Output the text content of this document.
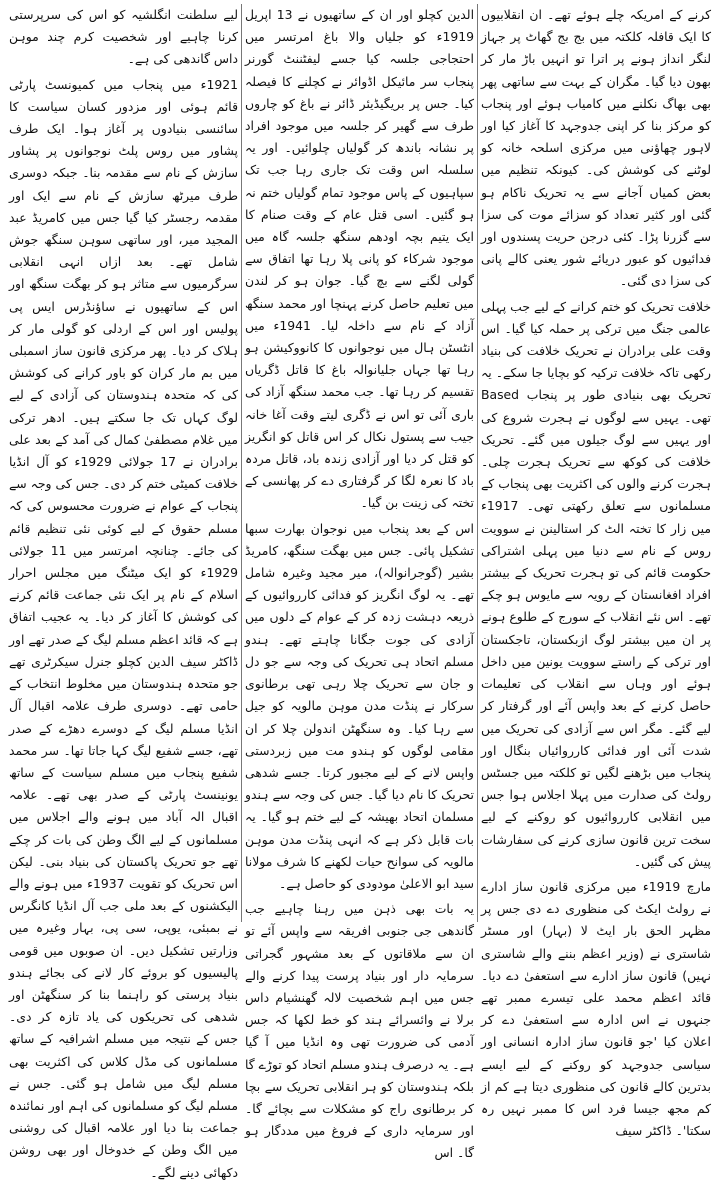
کرنے کے امریکہ چلے ہوئے تھے۔ ان انقلابیوں کا ایک قافلہ کلکتہ میں بج بج گھاٹ پر جہاز لنگر انداز ہونے پر اترا تو انہیں باڑ مار کر بھون دیا گیا۔ مگران کے بہت سے ساتھی پھر بھی بھاگ نکلنے میں کامیاب ہوئے اور پنجاب کو مرکز بنا کر اپنی جدوجہد کا آغاز کیا اور لاہور چھاؤنی میں مرکزی اسلحہ خانہ کو لوٹنے کی کوشش کی۔ کیونکہ تنظیم میں بعض کمیاں آجانے سے یہ تحریک ناکام ہو گئی اور کثیر تعداد کو سزائے موت کی سزا سے گزرنا پڑا۔ کئی درجن حریت پسندوں اور فدائیوں کو عبور دریائے شور یعنی کالے پانی کی سزا دی گئی۔

خلافت تحریک کو ختم کرانے کے لیے جب پہلی عالمی جنگ میں ترکی پر حملہ کیا گیا۔ اس وقت علی برادران نے تحریک خلافت کی بنیاد رکھی تاکہ خلافت ترکیہ کو بچایا جا سکے۔ یہ تحریک بھی بنیادی طور پر پنجاب Based تھی۔ یہیں سے لوگوں نے ہجرت شروع کی اور یہیں سے لوگ جیلوں میں گئے۔ تحریک خلافت کی کوکھ سے تحریک ہجرت چلی۔ ہجرت کرنے والوں کی اکثریت بھی پنجاب کے مسلمانوں سے تعلق رکھتی تھی۔ 1917ء میں زار کا تختہ الٹ کر استالینن نے سوویت روس کے نام سے دنیا میں پہلی اشتراکی حکومت قائم کی تو ہجرت تحریک کے بیشتر افراد افغانستان کے رویہ سے مایوس ہو چکے تھے۔ اس نئے انقلاب کے سورج کے طلوع ہونے پر ان میں بیشتر لوگ ازبکستان، تاجکستان اور ترکی کے راستے سوویت یونین میں داخل ہوئے اور وہاں سے انقلاب کی تعلیمات حاصل کرنے کے بعد واپس آئے اور گرفتار کر لیے گئے۔ مگر اس سے آزادی کی تحریک میں شدت آئی اور فدائی کارروائیاں بنگال اور پنجاب میں بڑھنے لگیں تو کلکتہ میں جسٹس رولٹ کی صدارت میں پہلا اجلاس ہوا جس میں انقلابی کارروائیوں کو روکنے کے لیے سخت ترین قانون سازی کرنے کی سفارشات پیش کی گئیں۔

مارچ 1919ء میں مرکزی قانون ساز ادارے نے رولٹ ایکٹ کی منظوری دے دی جس پر مظہر الحق بار ایٹ لا (بہار) اور مسٹر شاستری نے (وزیر اعظم بننے والے شاستری نہیں) قانون ساز ادارے سے استعفیٰ دے دیا۔ قائد اعظم محمد علی تیسرے ممبر تھے جنہوں نے اس ادارہ سے استعفیٰ دے کر اعلان کیا 'جو قانون ساز ادارہ انسانی اور سیاسی جدوجہد کو روکنے کے لیے ایسے بدترین کالے قانون کی منظوری دیتا ہے کم از کم مجھ جیسا فرد اس کا ممبر نہیں رہ سکتا'۔ ڈاکٹر سیف

الدین کچلو اور ان کے ساتھیوں نے 13 اپریل 1919ء کو جلیاں والا باغ امرتسر میں احتجاجی جلسہ کیا جسے لیفٹننٹ گورنر پنجاب سر مائیکل اڈوائر نے کچلنے کا فیصلہ کیا۔ جس پر بریگیڈیئر ڈائر نے باغ کو چاروں طرف سے گھیر کر جلسہ میں موجود افراد پر نشانہ باندھ کر گولیاں چلوائیں۔ اور یہ سلسلہ اس وقت تک جاری رہا جب تک سپاہیوں کے پاس موجود تمام گولیاں ختم نہ ہو گئیں۔ اسی قتل عام کے وقت صنام کا ایک یتیم بچہ اودھم سنگھ جلسہ گاہ میں موجود شرکاء کو پانی پلا رہا تھا اتفاق سے گولی لگنے سے بچ گیا۔ جوان ہو کر لندن میں تعلیم حاصل کرنے پہنچا اور محمد سنگھ آزاد کے نام سے داخلہ لیا۔ 1941ء میں انٹسٹن ہال میں نوجوانوں کا کانووکیشن ہو رہا تھا جہاں جلیانوالہ باغ کا قاتل ڈگریاں تقسیم کر رہا تھا۔ جب محمد سنگھ آزاد کی باری آئی تو اس نے ڈگری لیتے وقت آغا خانہ جیب سے پستول نکال کر اس قاتل کو انگریز کو قتل کر دیا اور آزادی زندہ باد، قاتل مردہ باد کا نعرہ لگا کر گرفتاری دے کر پھانسی کے تختہ کی زینت بن گیا۔

اس کے بعد پنجاب میں نوجوان بھارت سبھا تشکیل پائی۔ جس میں بھگت سنگھ، کامریڈ بشیر (گوجرانوالہ)، میر مجید وغیرہ شامل تھے۔ یہ لوگ انگریز کو فدائی کارروائیوں کے ذریعہ دہشت زدہ کر کے عوام کے دلوں میں آزادی کی جوت جگانا چاہتے تھے۔ ہندو مسلم اتحاد ہی تحریک کی وجہ سے جو دل و جان سے تحریک چلا رہی تھی برطانوی سرکار نے پنڈت مدن موہن مالویہ کو جیل سے رہا کیا۔ وہ سنگھٹن اندولن چلا کر ان مقامی لوگوں کو ہندو مت میں زبردستی واپس لانے کے لیے مجبور کرتا۔ جسے شدھی تحریک کا نام دیا گیا۔ جس کی وجہ سے ہندو مسلمان اتحاد بھیشہ کے لیے ختم ہو گیا۔ یہ بات قابل ذکر ہے کہ انہی پنڈت مدن موہن مالویہ کی سوانح حیات لکھنے کا شرف مولانا سید ابو الاعلیٰ مودودی کو حاصل ہے۔

یہ بات بھی ذہن میں رہنا چاہیے جب گاندھی جی جنوبی افریقہ سے واپس آئے تو ان سے ملاقاتوں کے بعد مشہور گجراتی سرمایہ دار اور بنیاد پرست پیدا کرنے والے جس میں اہم شخصیت لالہ گھنشیام داس برلا نے وائسرائے ہند کو خط لکھا کہ جس آدمی کی ضرورت تھی وہ انڈیا میں آ گیا ہے۔ یہ درصرف ہندو مسلم اتحاد کو توڑے گا بلکہ ہندوستان کو ہر انقلابی تحریک سے بچا کر برطانوی راج کو مشکلات سے بچائے گا۔ اور سرمایہ داری کے فروغ میں مددگار ہو گا۔ اس

لیے سلطنت انگلشیہ کو اس کی سرپرستی کرنا چاہیے اور شخصیت کرم چند موہن داس گاندھی کی ہے۔

1921ء میں پنجاب میں کمیونسٹ پارٹی قائم ہوئی اور مزدور کسان سیاست کا سائنسی بنیادوں پر آغاز ہوا۔ ایک طرف پشاور میں روس پلٹ نوجوانوں پر پشاور سازش کے نام سے مقدمہ بنا۔ جبکہ دوسری طرف میرٹھ سازش کے نام سے ایک اور مقدمہ رجسٹر کیا گیا جس میں کامریڈ عبد المجید میر، اور ساتھی سوہن سنگھ جوش شامل تھے۔ بعد ازاں انہی انقلابی سرگرمیوں سے متاثر ہو کر بھگت سنگھ اور اس کے ساتھیوں نے ساؤنڈرس ایس پی پولیس اور اس کے اردلی کو گولی مار کر ہلاک کر دیا۔ پھر مرکزی قانون ساز اسمبلی میں بم مار کران کو باور کرانے کی کوشش کی کہ متحدہ ہندوستان کی آزادی کے لیے لوگ کہاں تک جا سکتے ہیں۔ ادھر ترکی میں غلام مصطفیٰ کمال کی آمد کے بعد علی برادران نے 17 جولائی 1929ء کو آل انڈیا خلافت کمیٹی ختم کر دی۔ جس کی وجہ سے پنجاب کے عوام نے ضرورت محسوس کی کہ مسلم حقوق کے لیے کوئی نئی تنظیم قائم کی جائے۔ چنانچہ امرتسر میں 11 جولائی 1929ء کو ایک میٹنگ میں مجلس احرار اسلام کے نام پر ایک نئی جماعت قائم کرنے کی کوشش کا آغاز کر دیا۔ یہ عجیب اتفاق ہے کہ قائد اعظم مسلم لیگ کے صدر تھے اور ڈاکٹر سیف الدین کچلو جنرل سیکرٹری تھے جو متحدہ ہندوستان میں مخلوط انتخاب کے حامی تھے۔ دوسری طرف علامہ اقبال آل انڈیا مسلم لیگ کے دوسرے دھڑے کے صدر تھے، جسے شفیع لیگ کہا جاتا تھا۔ سر محمد شفیع پنجاب میں مسلم سیاست کے ساتھ یونینسٹ پارٹی کے صدر بھی تھے۔ علامہ اقبال الہ آباد میں ہونے والے اجلاس میں مسلمانوں کے لیے الگ وطن کی بات کر چکے تھے جو تحریک پاکستان کی بنیاد بنی۔ لیکن اس تحریک کو تقویت 1937ء میں ہونے والے الیکشنوں کے بعد ملی جب آل انڈیا کانگرس نے بمبئی، یوپی، سی پی، بہار وغیرہ میں وزارتیں تشکیل دیں۔ ان صوبوں میں قومی پالیسیوں کو بروئے کار لانے کی بجائے ہندو بنیاد پرستی کو راہنما بنا کر سنگھٹن اور شدھی کی تحریکوں کی یاد تازہ کر دی۔ جس کے نتیجہ میں مسلم اشرافیہ کے ساتھ مسلمانوں کی مڈل کلاس کی اکثریت بھی مسلم لیگ میں شامل ہو گئی۔ جس نے مسلم لیگ کو مسلمانوں کی اہم اور نمائندہ جماعت بنا دیا اور علامہ اقبال کی روشنی میں الگ وطن کے خدوخال اور بھی روشن دکھائی دینے لگے۔
